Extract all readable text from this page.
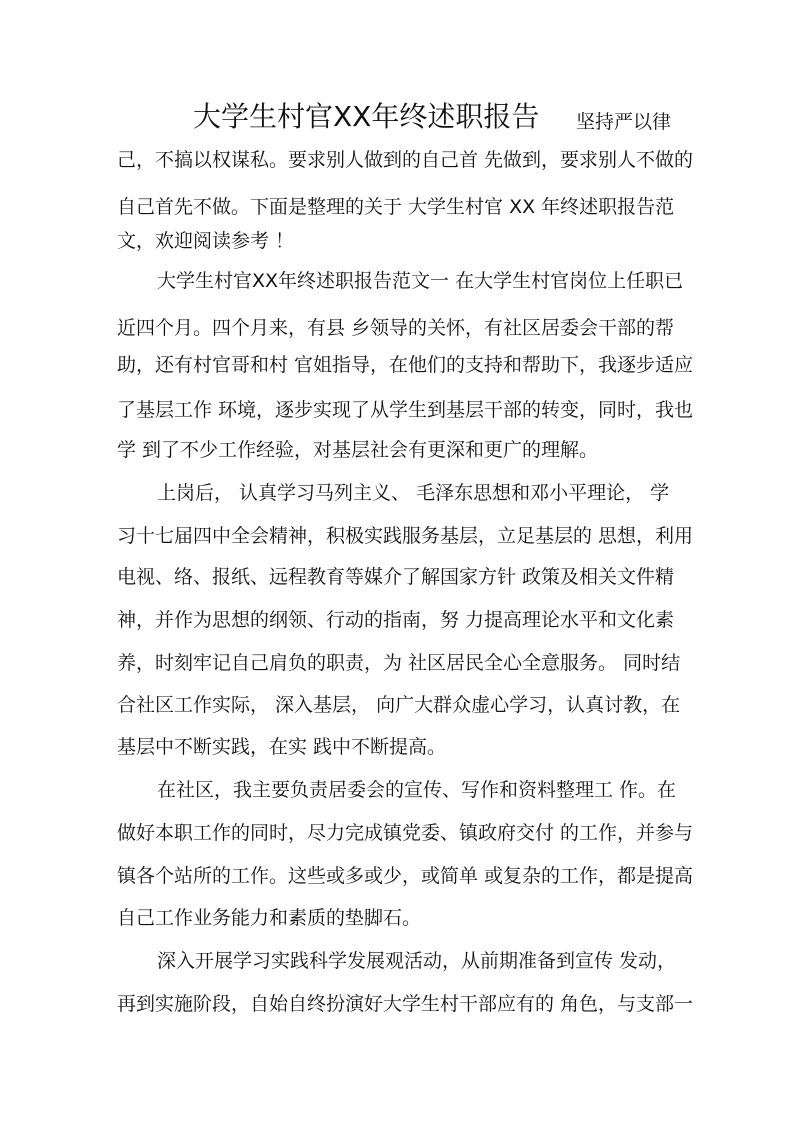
大学生村官XX年终述职报告 坚持严以律
己，不搞以权谋私。要求别人做到的自己首 先做到，要求别人不做的
自己首先不做。下面是整理的关于 大学生村官 XX 年终述职报告范
文，欢迎阅读参考 ！
大学生村官XX年终述职报告范文一 在大学生村官岗位上任职已
近四个月。四个月来，有县 乡领导的关怀，有社区居委会干部的帮
助，还有村官哥和村 官姐指导，在他们的支持和帮助下，我逐步适应
了基层工作 环境，逐步实现了从学生到基层干部的转变，同时，我也
学 到了不少工作经验，对基层社会有更深和更广的理解。
上岗后， 认真学习马列主义、 毛泽东思想和邓小平理论， 学
习十七届四中全会精神，积极实践服务基层，立足基层的 思想，利用
电视、络、报纸、远程教育等媒介了解国家方针 政策及相关文件精
神，并作为思想的纲领、行动的指南，努 力提高理论水平和文化素
养，时刻牢记自己肩负的职责，为 社区居民全心全意服务。 同时结
合社区工作实际， 深入基层， 向广大群众虚心学习，认真讨教，在
基层中不断实践，在实 践中不断提高。
在社区，我主要负责居委会的宣传、写作和资料整理工 作。在
做好本职工作的同时，尽力完成镇党委、镇政府交付 的工作，并参与
镇各个站所的工作。这些或多或少，或简单 或复杂的工作，都是提高
自己工作业务能力和素质的垫脚石。
深入开展学习实践科学发展观活动，从前期准备到宣传 发动，
再到实施阶段，自始自终扮演好大学生村干部应有的 角色，与支部一
